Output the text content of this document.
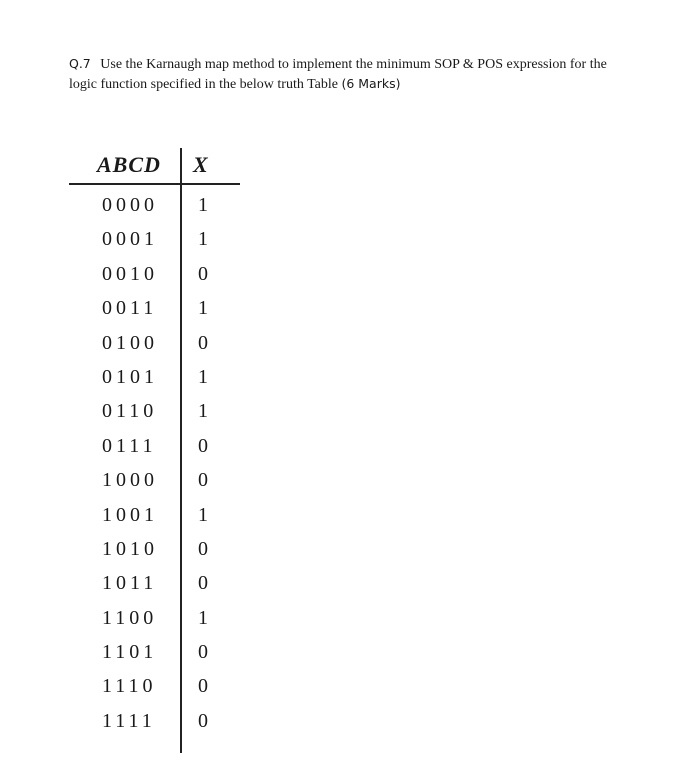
Q.7 Use the Karnaugh map method to implement the minimum SOP & POS expression for the logic function specified in the below truth Table (6 Marks)
ABCD X
0000 1
0001 1
0010 0
0011 1
0100 0
0101 1
0110 1
0111 0
1000 0
1001 1
1010 0
1011 0
1100 1
1101 0
1110 0
1111 0
